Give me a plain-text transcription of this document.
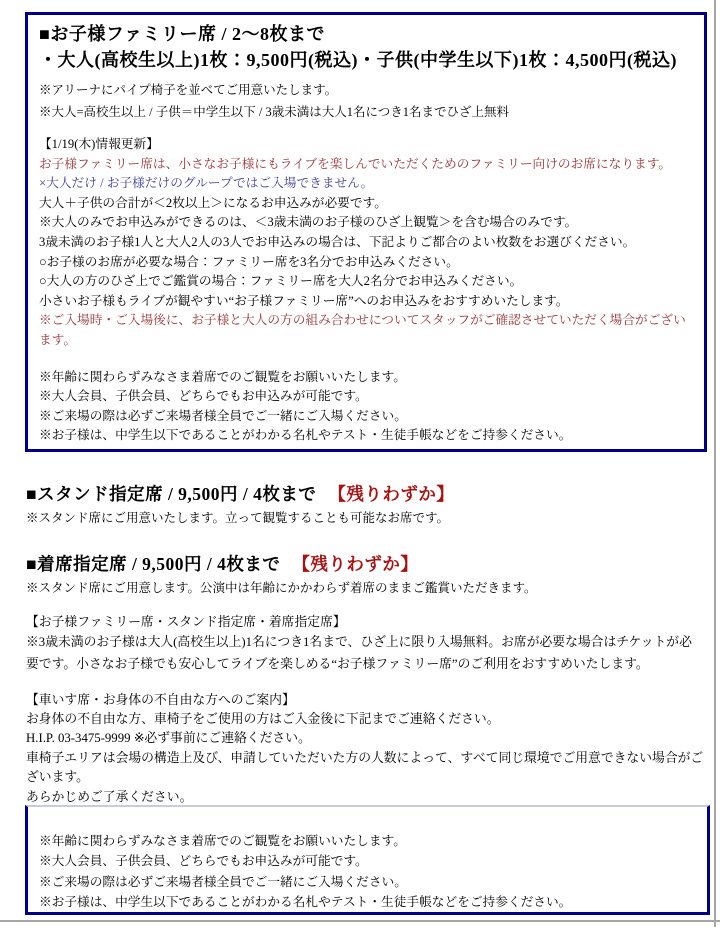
■お子様ファミリー席 / 2～8枚まで
・大人(高校生以上)1枚：9,500円(税込)・子供(中学生以下)1枚：4,500円(税込)
※アリーナにパイプ椅子を並べてご用意いたします。
※大人=高校生以上 / 子供＝中学生以下 / 3歳未満は大人1名につき1名までひざ上無料
【1/19(木)情報更新】
お子様ファミリー席は、小さなお子様にもライブを楽しんでいただくためのファミリー向けのお席になります。
×大人だけ / お子様だけのグループではご入場できません。
大人＋子供の合計が＜2枚以上＞になるお申込みが必要です。
※大人のみでお申込みができるのは、＜3歳未満のお子様のひざ上観覧＞を含む場合のみです。
3歳未満のお子様1人と大人2人の3人でお申込みの場合は、下記よりご都合のよい枚数をお選びください。
○お子様のお席が必要な場合：ファミリー席を3名分でお申込みください。
○大人の方のひざ上でご鑑賞の場合：ファミリー席を大人2名分でお申込みください。
小さいお子様もライブが観やすい“お子様ファミリー席”へのお申込みをおすすめいたします。
※ご入場時・ご入場後に、お子様と大人の方の組み合わせについてスタッフがご確認させていただく場合がございます。
※年齢に関わらずみなさま着席でのご観覧をお願いいたします。
※大人会員、子供会員、どちらでもお申込みが可能です。
※ご来場の際は必ずご来場者様全員でご一緒にご入場ください。
※お子様は、中学生以下であることがわかる名札やテスト・生徒手帳などをご持参ください。
■スタンド指定席 / 9,500円 / 4枚まで 【残りわずか】
※スタンド席にご用意いたします。立って観覧することも可能なお席です。
■着席指定席 / 9,500円 / 4枚まで 【残りわずか】
※スタンド席にご用意します。公演中は年齢にかかわらず着席のままご鑑賞いただきます。
【お子様ファミリー席・スタンド指定席・着席指定席】
※3歳未満のお子様は大人(高校生以上)1名につき1名まで、ひざ上に限り入場無料。お席が必要な場合はチケットが必要です。小さなお子様でも安心してライブを楽しめる“お子様ファミリー席”のご利用をおすすめいたします。
【車いす席・お身体の不自由な方へのご案内】
お身体の不自由な方、車椅子をご使用の方はご入金後に下記までご連絡ください。
H.I.P. 03-3475-9999 ※必ず事前にご連絡ください。
車椅子エリアは会場の構造上及び、申請していただいた方の人数によって、すべて同じ環境でご用意できない場合がございます。
あらかじめご了承ください。
※年齢に関わらずみなさま着席でのご観覧をお願いいたします。
※大人会員、子供会員、どちらでもお申込みが可能です。
※ご来場の際は必ずご来場者様全員でご一緒にご入場ください。
※お子様は、中学生以下であることがわかる名札やテスト・生徒手帳などをご持参ください。
